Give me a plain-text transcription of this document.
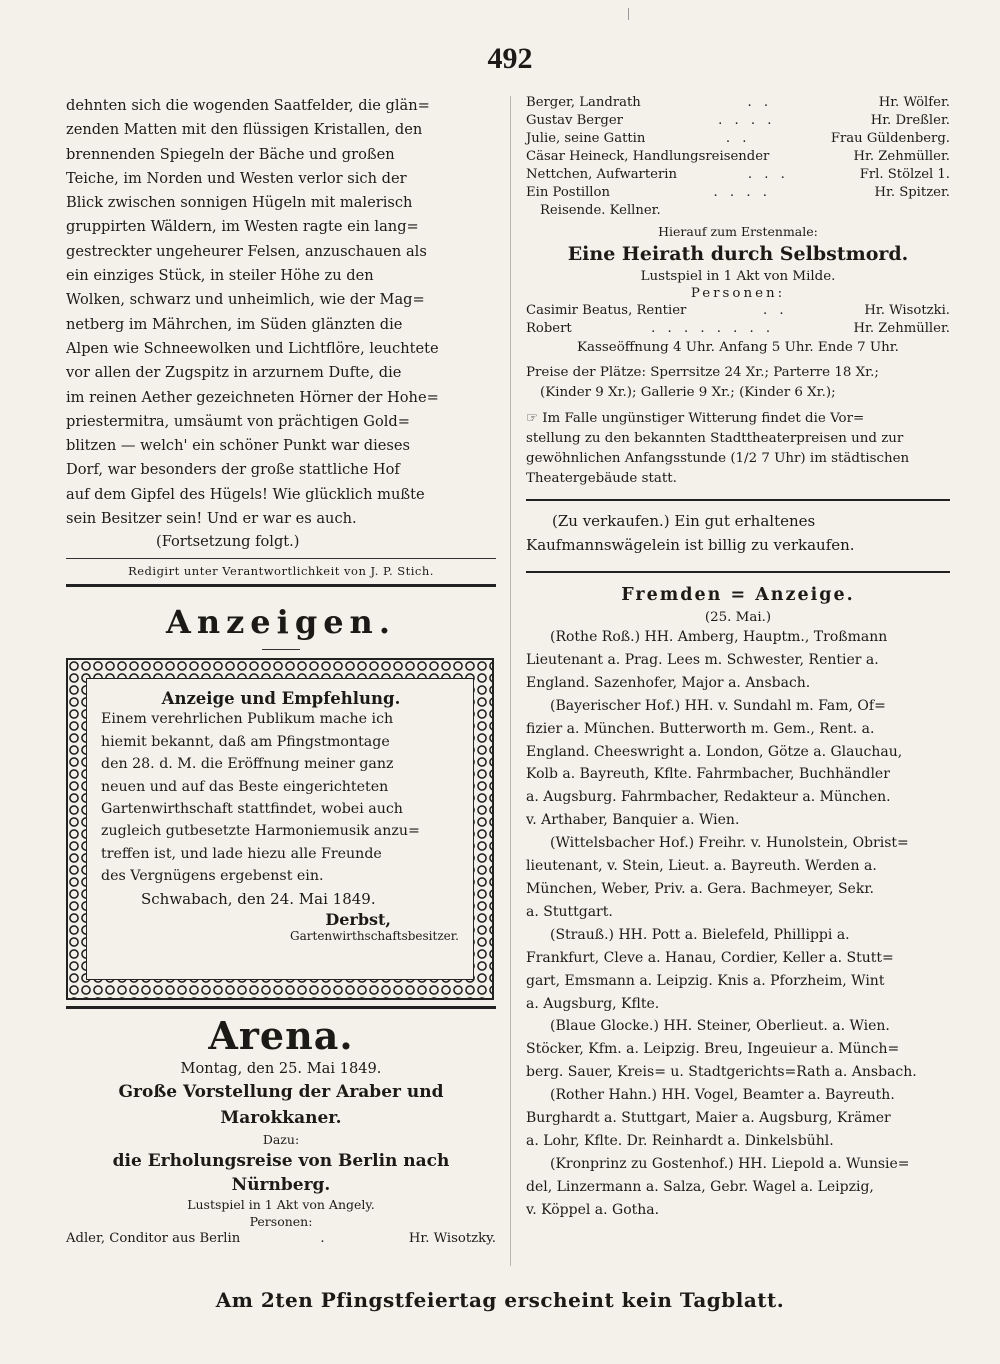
492

dehnten sich die wogenden Saatfelder, die glän=

zenden Matten mit den flüssigen Kristallen, den

brennenden Spiegeln der Bäche und großen

Teiche, im Norden und Westen verlor sich der

Blick zwischen sonnigen Hügeln mit malerisch

gruppirten Wäldern, im Westen ragte ein lang=

gestreckter ungeheurer Felsen, anzuschauen als

ein einziges Stück, in steiler Höhe zu den

Wolken, schwarz und unheimlich, wie der Mag=

netberg im Mährchen, im Süden glänzten die

Alpen wie Schneewolken und Lichtflöre, leuchtete

vor allen der Zugspitz in arzurnem Dufte, die

im reinen Aether gezeichneten Hörner der Hohe=

priestermitra, umsäumt von prächtigen Gold=

blitzen — welch' ein schöner Punkt war dieses

Dorf, war besonders der große stattliche Hof

auf dem Gipfel des Hügels! Wie glücklich mußte

sein Besitzer sein! Und er war es auch.

(Fortsetzung folgt.)
Redigirt unter Verantwortlichkeit von J. P. Stich.
Anzeigen.
Anzeige und Empfehlung.

Einem verehrlichen Publikum mache ich

hiemit bekannt, daß am Pfingstmontage

den 28. d. M. die Eröffnung meiner ganz

neuen und auf das Beste eingerichteten

Gartenwirthschaft stattfindet, wobei auch

zugleich gutbesetzte Harmoniemusik anzu=

treffen ist, und lade hiezu alle Freunde

des Vergnügens ergebenst ein.

Schwabach, den 24. Mai 1849.
Derbst,
Gartenwirthschaftsbesitzer.
Arena.
Montag, den 25. Mai 1849.
Große Vorstellung der Araber und
Marokkaner.
Dazu:
die Erholungsreise von Berlin nach
Nürnberg.
Lustspiel in 1 Akt von Angely.
Personen:
Adler, Conditor aus Berlin	.	Hr. Wisotzky.
Berger, Landrath	. .	Hr. Wölfer.
Gustav Berger	. . . .	Hr. Dreßler.
Julie, seine Gattin	. .	Frau Güldenberg.
Cäsar Heineck, Handlungsreisender	Hr. Zehmüller.
Nettchen, Aufwarterin	. . .	Frl. Stölzel 1.
Ein Postillon	. . . .	Hr. Spitzer.
Reisende. Kellner.
Hierauf zum Erstenmale:
Eine Heirath durch Selbstmord.
Lustspiel in 1 Akt von Milde.
Personen:
Casimir Beatus, Rentier	. .	Hr. Wisotzki.
Robert	. . . . . . . .	Hr. Zehmüller.
Kasseöffnung 4 Uhr. Anfang 5 Uhr. Ende 7 Uhr.

Preise der Plätze: Sperrsitze 24 Xr.; Parterre 18 Xr.;

(Kinder 9 Xr.); Gallerie 9 Xr.; (Kinder 6 Xr.);

☞ Im Falle ungünstiger Witterung findet die Vor=

stellung zu den bekannten Stadttheaterpreisen und zur

gewöhnlichen Anfangsstunde (1/2 7 Uhr) im städtischen

Theatergebäude statt.

(Zu verkaufen.) Ein gut erhaltenes

Kaufmannswägelein ist billig zu verkaufen.

Fremden = Anzeige.
(25. Mai.)

(Rothe Roß.) HH. Amberg, Hauptm., Troßmann

Lieutenant a. Prag. Lees m. Schwester, Rentier a.

England. Sazenhofer, Major a. Ansbach.

(Bayerischer Hof.) HH. v. Sundahl m. Fam, Of=

fizier a. München. Butterworth m. Gem., Rent. a.

England. Cheeswright a. London, Götze a. Glauchau,

Kolb a. Bayreuth, Kflte. Fahrmbacher, Buchhändler

a. Augsburg. Fahrmbacher, Redakteur a. München.

v. Arthaber, Banquier a. Wien.

(Wittelsbacher Hof.) Freihr. v. Hunolstein, Obrist=

lieutenant, v. Stein, Lieut. a. Bayreuth. Werden a.

München, Weber, Priv. a. Gera. Bachmeyer, Sekr.

a. Stuttgart.

(Strauß.) HH. Pott a. Bielefeld, Phillippi a.

Frankfurt, Cleve a. Hanau, Cordier, Keller a. Stutt=

gart, Emsmann a. Leipzig. Knis a. Pforzheim, Wint

a. Augsburg, Kflte.

(Blaue Glocke.) HH. Steiner, Oberlieut. a. Wien.

Stöcker, Kfm. a. Leipzig. Breu, Ingeuieur a. Münch=

berg. Sauer, Kreis= u. Stadtgerichts=Rath a. Ansbach.

(Rother Hahn.) HH. Vogel, Beamter a. Bayreuth.

Burghardt a. Stuttgart, Maier a. Augsburg, Krämer

a. Lohr, Kflte. Dr. Reinhardt a. Dinkelsbühl.

(Kronprinz zu Gostenhof.) HH. Liepold a. Wunsie=

del, Linzermann a. Salza, Gebr. Wagel a. Leipzig,

v. Köppel a. Gotha.

Am 2ten Pfingstfeiertag erscheint kein Tagblatt.
